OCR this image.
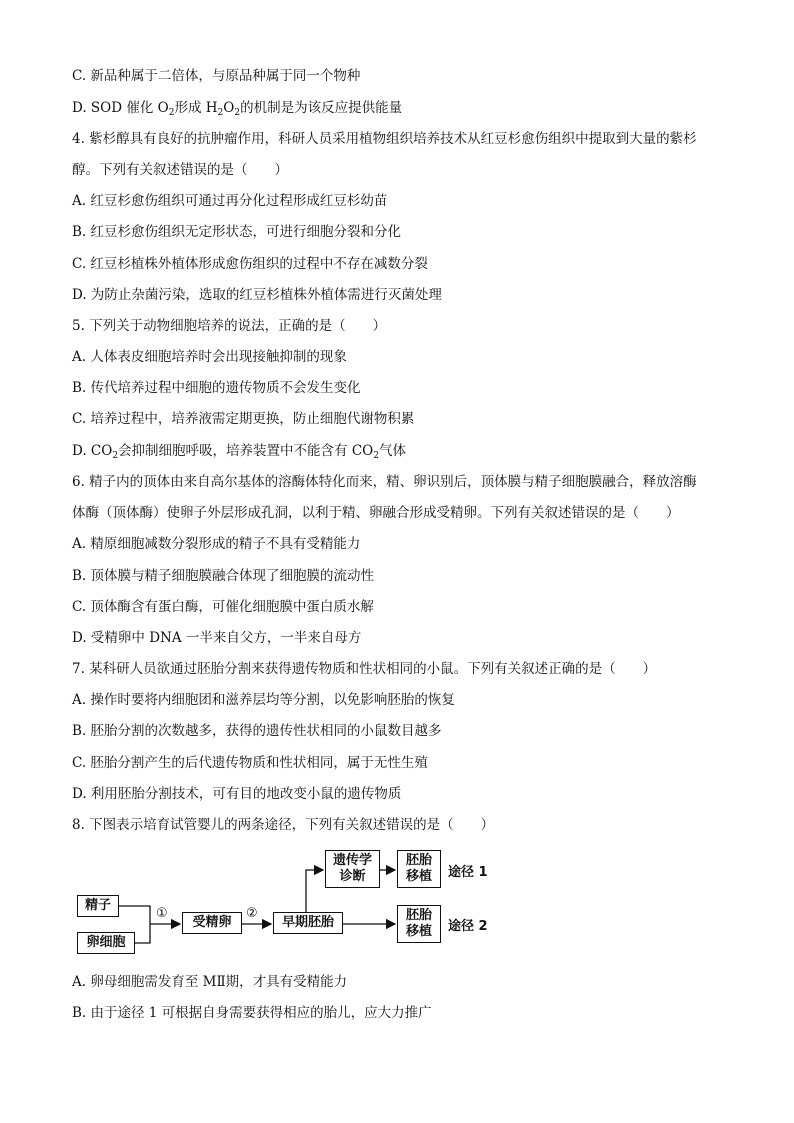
C. 新品种属于二倍体，与原品种属于同一个物种
D. SOD 催化 $O_2$形成 $H_2O_2$的机制是为该反应提供能量
4. 紫杉醇具有良好的抗肿瘤作用，科研人员采用植物组织培养技术从红豆杉愈伤组织中提取到大量的紫杉
醇。下列有关叙述错误的是（　　）
A. 红豆杉愈伤组织可通过再分化过程形成红豆杉幼苗
B. 红豆杉愈伤组织无定形状态，可进行细胞分裂和分化
C. 红豆杉植株外植体形成愈伤组织的过程中不存在减数分裂
D. 为防止杂菌污染，选取的红豆杉植株外植体需进行灭菌处理
5. 下列关于动物细胞培养的说法，正确的是（　　）
A. 人体表皮细胞培养时会出现接触抑制的现象
B. 传代培养过程中细胞的遗传物质不会发生变化
C. 培养过程中，培养液需定期更换，防止细胞代谢物积累
D. $CO_2$会抑制细胞呼吸，培养装置中不能含有 $CO_2$气体
6. 精子内的顶体由来自高尔基体的溶酶体特化而来，精、卵识别后，顶体膜与精子细胞膜融合，释放溶酶
体酶（顶体酶）使卵子外层形成孔洞，以利于精、卵融合形成受精卵。下列有关叙述错误的是（　　）
A. 精原细胞减数分裂形成的精子不具有受精能力
B. 顶体膜与精子细胞膜融合体现了细胞膜的流动性
C. 顶体酶含有蛋白酶，可催化细胞膜中蛋白质水解
D. 受精卵中 DNA 一半来自父方，一半来自母方
7. 某科研人员欲通过胚胎分割来获得遗传物质和性状相同的小鼠。下列有关叙述正确的是（　　）
A. 操作时要将内细胞团和滋养层均等分割，以免影响胚胎的恢复
B. 胚胎分割的次数越多，获得的遗传性状相同的小鼠数目越多
C. 胚胎分割产生的后代遗传物质和性状相同，属于无性生殖
D. 利用胚胎分割技术，可有目的地改变小鼠的遗传物质
8. 下图表示培育试管婴儿的两条途径，下列有关叙述错误的是（　　）
精子
卵细胞
①
受精卵
②
早期胚胎
遗传学
诊断
胚胎
移植 途径 1
胚胎
移植 途径 2
A. 卵母细胞需发育至 MⅡ期，才具有受精能力
B. 由于途径 1 可根据自身需要获得相应的胎儿，应大力推广
